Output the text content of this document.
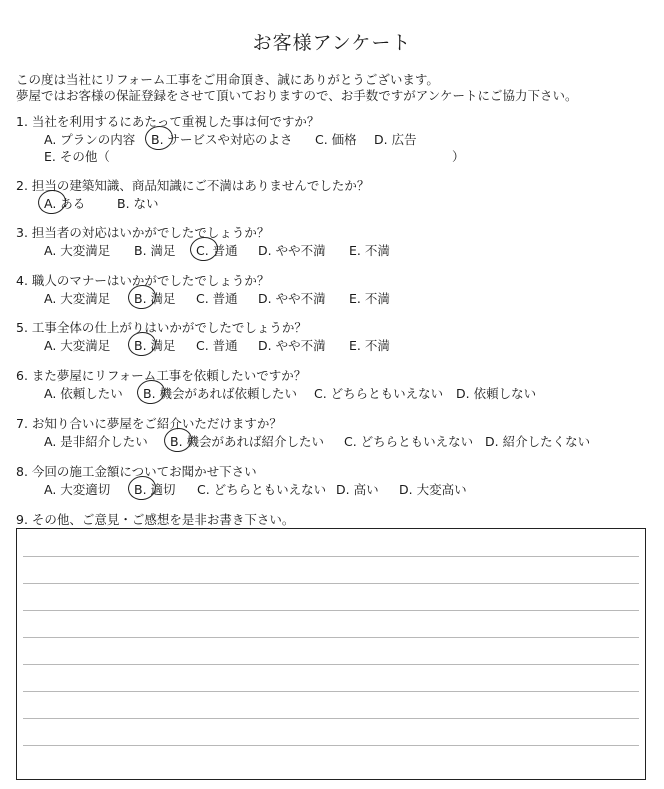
お客様アンケート
この度は当社にリフォーム工事をご用命頂き、誠にありがとうございます。
夢屋ではお客様の保証登録をさせて頂いておりますので、お手数ですがアンケートにご協力下さい。
1. 当社を利用するにあたって重視した事は何ですか？
A. プランの内容 B. サービスや対応のよさ C. 価格 D. 広告
E. その他（	）
2. 担当の建築知識、商品知識にご不満はありませんでしたか？
A. ある	B. ない
3. 担当者の対応はいかがでしたでしょうか？
A. 大変満足 B. 満足 C. 普通 D. やや不満 E. 不満
4. 職人のマナーはいかがでしたでしょうか？
A. 大変満足 B. 満足 C. 普通 D. やや不満 E. 不満
5. 工事全体の仕上がりはいかがでしたでしょうか？
A. 大変満足 B. 満足 C. 普通 D. やや不満 E. 不満
6. また夢屋にリフォーム工事を依頼したいですか？
A. 依頼したい B. 機会があれば依頼したい C. どちらともいえない D. 依頼しない
7. お知り合いに夢屋をご紹介いただけますか？
A. 是非紹介したい B. 機会があれば紹介したい C. どちらともいえない D. 紹介したくない
8. 今回の施工金額についてお聞かせ下さい
A. 大変適切 B. 適切 C. どちらともいえない D. 高い D. 大変高い
9. その他、ご意見・ご感想を是非お書き下さい。
